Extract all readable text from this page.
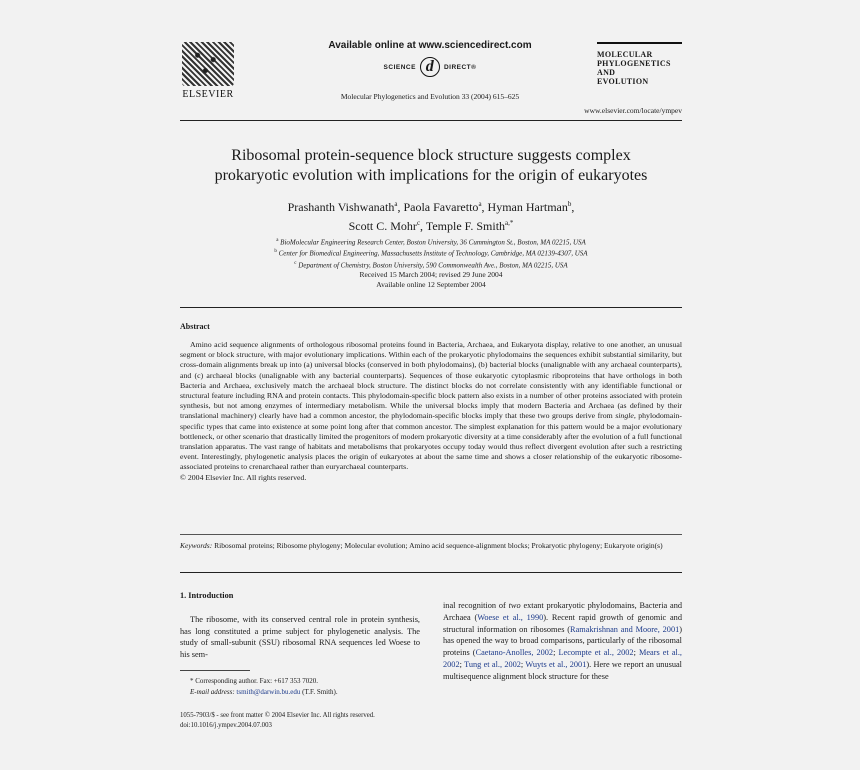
ELSEVIER
Available online at www.sciencedirect.com
SCIENCE d DIRECT®
Molecular Phylogenetics and Evolution 33 (2004) 615–625
MOLECULAR
PHYLOGENETICS
AND
EVOLUTION
www.elsevier.com/locate/ympev
Ribosomal protein-sequence block structure suggests complex
prokaryotic evolution with implications for the origin of eukaryotes
Prashanth Vishwanath$^a$, Paola Favaretto$^a$, Hyman Hartman$^b$,
Scott C. Mohr$^c$, Temple F. Smith$^{a,*}$
$^a$ BioMolecular Engineering Research Center, Boston University, 36 Cummington St., Boston, MA 02215, USA
$^b$ Center for Biomedical Engineering, Massachusetts Institute of Technology, Cambridge, MA 02139-4307, USA
$^c$ Department of Chemistry, Boston University, 590 Commonwealth Ave., Boston, MA 02215, USA
Received 15 March 2004; revised 29 June 2004
Available online 12 September 2004
Abstract

Amino acid sequence alignments of orthologous ribosomal proteins found in Bacteria, Archaea, and Eukaryota display, relative to one another, an unusual segment or block structure, with major evolutionary implications. Within each of the prokaryotic phylodomains the sequences exhibit substantial similarity, but cross-domain alignments break up into (a) universal blocks (conserved in both phylodomains), (b) bacterial blocks (unalignable with any archaeal counterparts), and (c) archaeal blocks (unalignable with any bacterial counterparts). Sequences of those eukaryotic cytoplasmic riboproteins that have orthologs in both Bacteria and Archaea, exclusively match the archaeal block structure. The distinct blocks do not correlate consistently with any identifiable functional or structural feature including RNA and protein contacts. This phylodomain-specific block pattern also exists in a number of other proteins associated with protein synthesis, but not among enzymes of intermediary metabolism. While the universal blocks imply that modern Bacteria and Archaea (as defined by their translational machinery) clearly have had a common ancestor, the phylodomain-specific blocks imply that these two groups derive from single, phylodomain-specific types that came into existence at some point long after that common ancestor. The simplest explanation for this pattern would be a major evolutionary bottleneck, or other scenario that drastically limited the progenitors of modern prokaryotic diversity at a time considerably after the evolution of a full functional translation apparatus. The vast range of habitats and metabolisms that prokaryotes occupy today would thus reflect divergent evolution after such a restricting event. Interestingly, phylogenetic analysis places the origin of eukaryotes at about the same time and shows a closer relationship of the eukaryotic ribosome-associated proteins to crenarchaeal rather than euryarchaeal counterparts.

© 2004 Elsevier Inc. All rights reserved.

Keywords: Ribosomal proteins; Ribosome phylogeny; Molecular evolution; Amino acid sequence-alignment blocks; Prokaryotic phylogeny; Eukaryote origin(s)
1. Introduction

The ribosome, with its conserved central role in protein synthesis, has long constituted a prime subject for phylogenetic analysis. The study of small-subunit (SSU) ribosomal RNA sequences led Woese to his sem-

* Corresponding author. Fax: +617 353 7020.
E-mail address: tsmith@darwin.bu.edu (T.F. Smith).
1055-7903/$ - see front matter © 2004 Elsevier Inc. All rights reserved.
doi:10.1016/j.ympev.2004.07.003

inal recognition of two extant prokaryotic phylodomains, Bacteria and Archaea (Woese et al., 1990). Recent rapid growth of genomic and structural information on ribosomes (Ramakrishnan and Moore, 2001) has opened the way to broad comparisons, particularly of the ribosomal proteins (Caetano-Anolles, 2002; Lecompte et al., 2002; Mears et al., 2002; Tung et al., 2002; Wuyts et al., 2001). Here we report an unusual multisequence alignment block structure for these
